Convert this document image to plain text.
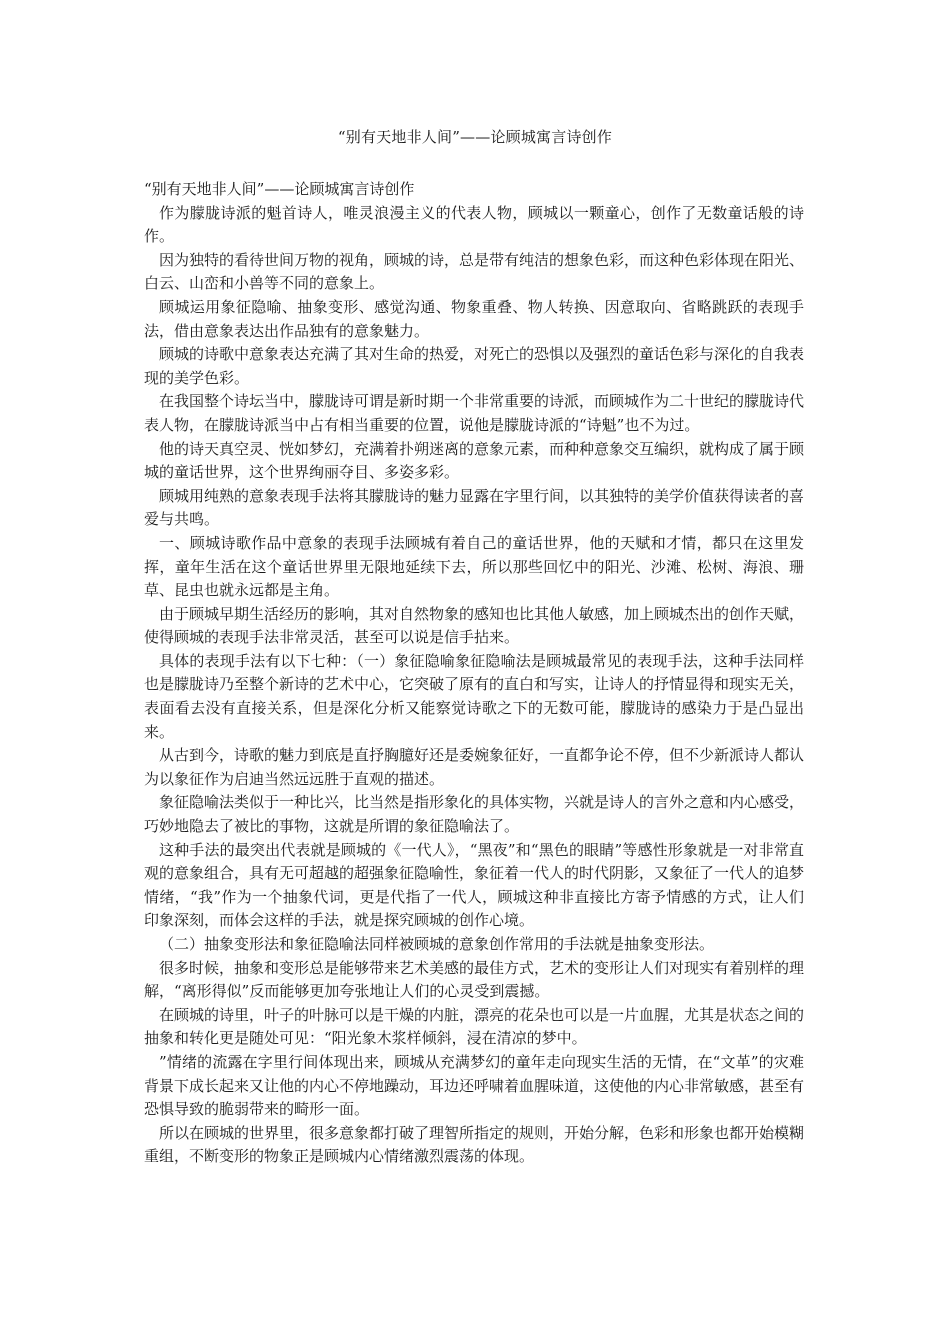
“别有天地非人间”——论顾城寓言诗创作

“别有天地非人间”——论顾城寓言诗创作

作为朦胧诗派的魁首诗人，唯灵浪漫主义的代表人物，顾城以一颗童心，创作了无数童话般的诗作。

因为独特的看待世间万物的视角，顾城的诗，总是带有纯洁的想象色彩，而这种色彩体现在阳光、白云、山峦和小兽等不同的意象上。

顾城运用象征隐喻、抽象变形、感觉沟通、物象重叠、物人转换、因意取向、省略跳跃的表现手法，借由意象表达出作品独有的意象魅力。

顾城的诗歌中意象表达充满了其对生命的热爱，对死亡的恐惧以及强烈的童话色彩与深化的自我表现的美学色彩。

在我国整个诗坛当中，朦胧诗可谓是新时期一个非常重要的诗派，而顾城作为二十世纪的朦胧诗代表人物，在朦胧诗派当中占有相当重要的位置，说他是朦胧诗派的“诗魁”也不为过。

他的诗天真空灵、恍如梦幻，充满着扑朔迷离的意象元素，而种种意象交互编织，就构成了属于顾城的童话世界，这个世界绚丽夺目、多姿多彩。

顾城用纯熟的意象表现手法将其朦胧诗的魅力显露在字里行间，以其独特的美学价值获得读者的喜爱与共鸣。

一、顾城诗歌作品中意象的表现手法顾城有着自己的童话世界，他的天赋和才情，都只在这里发挥，童年生活在这个童话世界里无限地延续下去，所以那些回忆中的阳光、沙滩、松树、海浪、珊草、昆虫也就永远都是主角。

由于顾城早期生活经历的影响，其对自然物象的感知也比其他人敏感，加上顾城杰出的创作天赋，使得顾城的表现手法非常灵活，甚至可以说是信手拈来。

具体的表现手法有以下七种：（一）象征隐喻象征隐喻法是顾城最常见的表现手法，这种手法同样也是朦胧诗乃至整个新诗的艺术中心，它突破了原有的直白和写实，让诗人的抒情显得和现实无关，表面看去没有直接关系，但是深化分析又能察觉诗歌之下的无数可能，朦胧诗的感染力于是凸显出来。

从古到今，诗歌的魅力到底是直抒胸臆好还是委婉象征好，一直都争论不停，但不少新派诗人都认为以象征作为启迪当然远远胜于直观的描述。

象征隐喻法类似于一种比兴，比当然是指形象化的具体实物，兴就是诗人的言外之意和内心感受，巧妙地隐去了被比的事物，这就是所谓的象征隐喻法了。

这种手法的最突出代表就是顾城的《一代人》，“黑夜”和“黑色的眼睛”等感性形象就是一对非常直观的意象组合，具有无可超越的超强象征隐喻性，象征着一代人的时代阴影，又象征了一代人的追梦情绪，“我”作为一个抽象代词，更是代指了一代人，顾城这种非直接比方寄予情感的方式，让人们印象深刻，而体会这样的手法，就是探究顾城的创作心境。

（二）抽象变形法和象征隐喻法同样被顾城的意象创作常用的手法就是抽象变形法。

很多时候，抽象和变形总是能够带来艺术美感的最佳方式，艺术的变形让人们对现实有着别样的理解，“离形得似”反而能够更加夸张地让人们的心灵受到震撼。

在顾城的诗里，叶子的叶脉可以是干燥的内脏，漂亮的花朵也可以是一片血腥，尤其是状态之间的抽象和转化更是随处可见：“阳光象木浆样倾斜，浸在清凉的梦中。

”情绪的流露在字里行间体现出来，顾城从充满梦幻的童年走向现实生活的无情，在“文革”的灾难背景下成长起来又让他的内心不停地躁动，耳边还呼啸着血腥味道，这使他的内心非常敏感，甚至有恐惧导致的脆弱带来的畸形一面。

所以在顾城的世界里，很多意象都打破了理智所指定的规则，开始分解，色彩和形象也都开始模糊重组，不断变形的物象正是顾城内心情绪激烈震荡的体现。
